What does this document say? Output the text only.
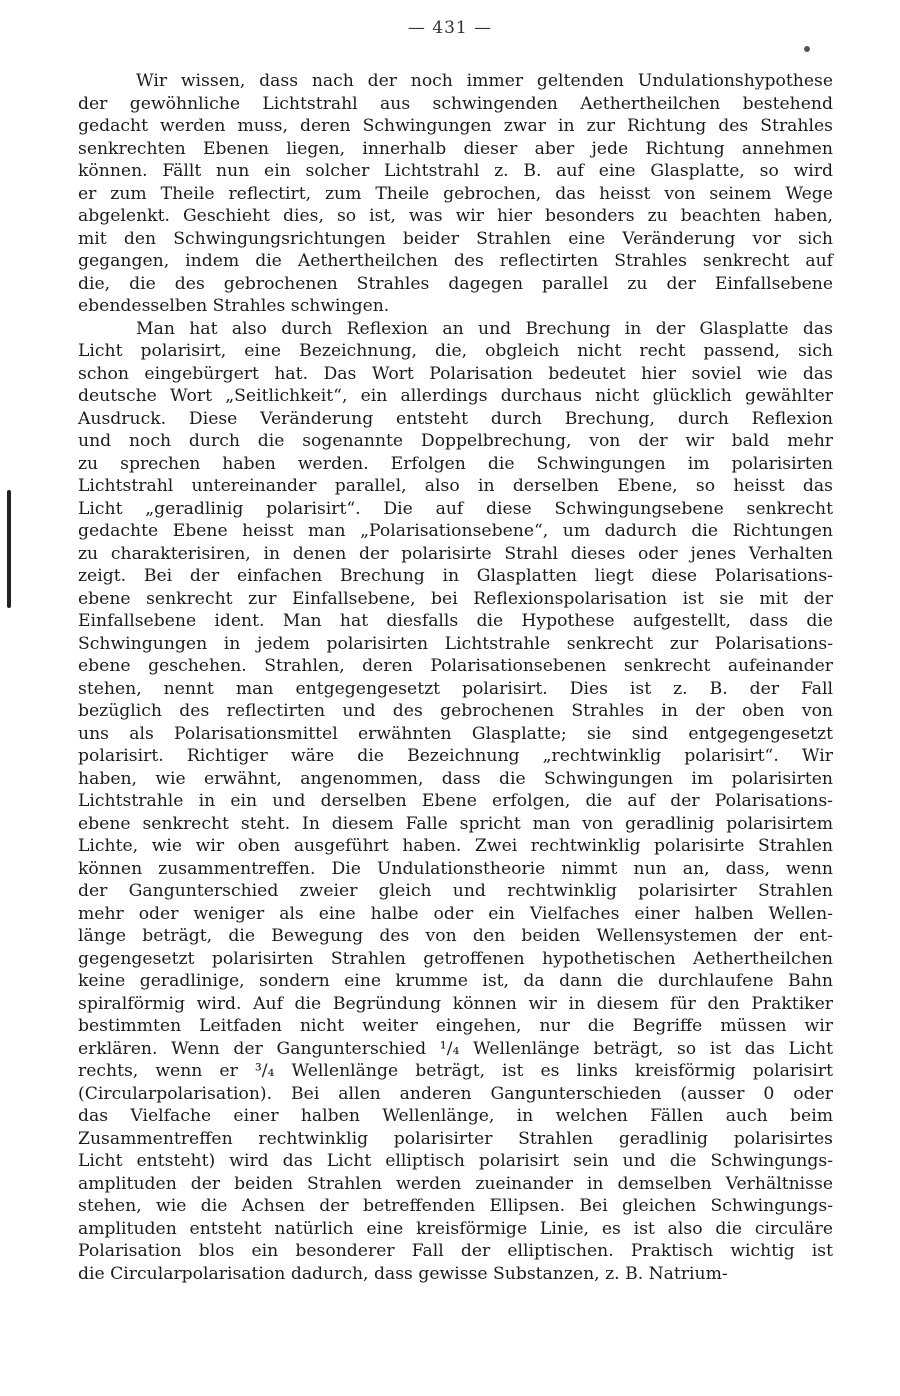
— 431 —
Wir wissen, dass nach der noch immer geltenden Undulationshypothese
der gewöhnliche Lichtstrahl aus schwingenden Aethertheilchen bestehend
gedacht werden muss, deren Schwingungen zwar in zur Richtung des Strahles
senkrechten Ebenen liegen, innerhalb dieser aber jede Richtung annehmen
können. Fällt nun ein solcher Lichtstrahl z. B. auf eine Glasplatte, so wird
er zum Theile reflectirt, zum Theile gebrochen, das heisst von seinem Wege
abgelenkt. Geschieht dies, so ist, was wir hier besonders zu beachten haben,
mit den Schwingungsrichtungen beider Strahlen eine Veränderung vor sich
gegangen, indem die Aethertheilchen des reflectirten Strahles senkrecht auf
die, die des gebrochenen Strahles dagegen parallel zu der Einfallsebene
ebendesselben Strahles schwingen.
Man hat also durch Reflexion an und Brechung in der Glasplatte das
Licht polarisirt, eine Bezeichnung, die, obgleich nicht recht passend, sich
schon eingebürgert hat. Das Wort Polarisation bedeutet hier soviel wie das
deutsche Wort „Seitlichkeit“, ein allerdings durchaus nicht glücklich gewählter
Ausdruck. Diese Veränderung entsteht durch Brechung, durch Reflexion
und noch durch die sogenannte Doppelbrechung, von der wir bald mehr
zu sprechen haben werden. Erfolgen die Schwingungen im polarisirten
Lichtstrahl untereinander parallel, also in derselben Ebene, so heisst das
Licht „geradlinig polarisirt“. Die auf diese Schwingungsebene senkrecht
gedachte Ebene heisst man „Polarisationsebene“, um dadurch die Richtungen
zu charakterisiren, in denen der polarisirte Strahl dieses oder jenes Verhalten
zeigt. Bei der einfachen Brechung in Glasplatten liegt diese Polarisations-
ebene senkrecht zur Einfallsebene, bei Reflexionspolarisation ist sie mit der
Einfallsebene ident. Man hat diesfalls die Hypothese aufgestellt, dass die
Schwingungen in jedem polarisirten Lichtstrahle senkrecht zur Polarisations-
ebene geschehen. Strahlen, deren Polarisationsebenen senkrecht aufeinander
stehen, nennt man entgegengesetzt polarisirt. Dies ist z. B. der Fall
bezüglich des reflectirten und des gebrochenen Strahles in der oben von
uns als Polarisationsmittel erwähnten Glasplatte; sie sind entgegengesetzt
polarisirt. Richtiger wäre die Bezeichnung „rechtwinklig polarisirt“. Wir
haben, wie erwähnt, angenommen, dass die Schwingungen im polarisirten
Lichtstrahle in ein und derselben Ebene erfolgen, die auf der Polarisations-
ebene senkrecht steht. In diesem Falle spricht man von geradlinig polarisirtem
Lichte, wie wir oben ausgeführt haben. Zwei rechtwinklig polarisirte Strahlen
können zusammentreffen. Die Undulationstheorie nimmt nun an, dass, wenn
der Gangunterschied zweier gleich und rechtwinklig polarisirter Strahlen
mehr oder weniger als eine halbe oder ein Vielfaches einer halben Wellen-
länge beträgt, die Bewegung des von den beiden Wellensystemen der ent-
gegengesetzt polarisirten Strahlen getroffenen hypothetischen Aethertheilchen
keine geradlinige, sondern eine krumme ist, da dann die durchlaufene Bahn
spiralförmig wird. Auf die Begründung können wir in diesem für den Praktiker
bestimmten Leitfaden nicht weiter eingehen, nur die Begriffe müssen wir
erklären. Wenn der Gangunterschied ¹/₄ Wellenlänge beträgt, so ist das Licht
rechts, wenn er ³/₄ Wellenlänge beträgt, ist es links kreisförmig polarisirt
(Circularpolarisation). Bei allen anderen Gangunterschieden (ausser 0 oder
das Vielfache einer halben Wellenlänge, in welchen Fällen auch beim
Zusammentreffen rechtwinklig polarisirter Strahlen geradlinig polarisirtes
Licht entsteht) wird das Licht elliptisch polarisirt sein und die Schwingungs-
amplituden der beiden Strahlen werden zueinander in demselben Verhältnisse
stehen, wie die Achsen der betreffenden Ellipsen. Bei gleichen Schwingungs-
amplituden entsteht natürlich eine kreisförmige Linie, es ist also die circuläre
Polarisation blos ein besonderer Fall der elliptischen. Praktisch wichtig ist
die Circularpolarisation dadurch, dass gewisse Substanzen, z. B. Natrium-
